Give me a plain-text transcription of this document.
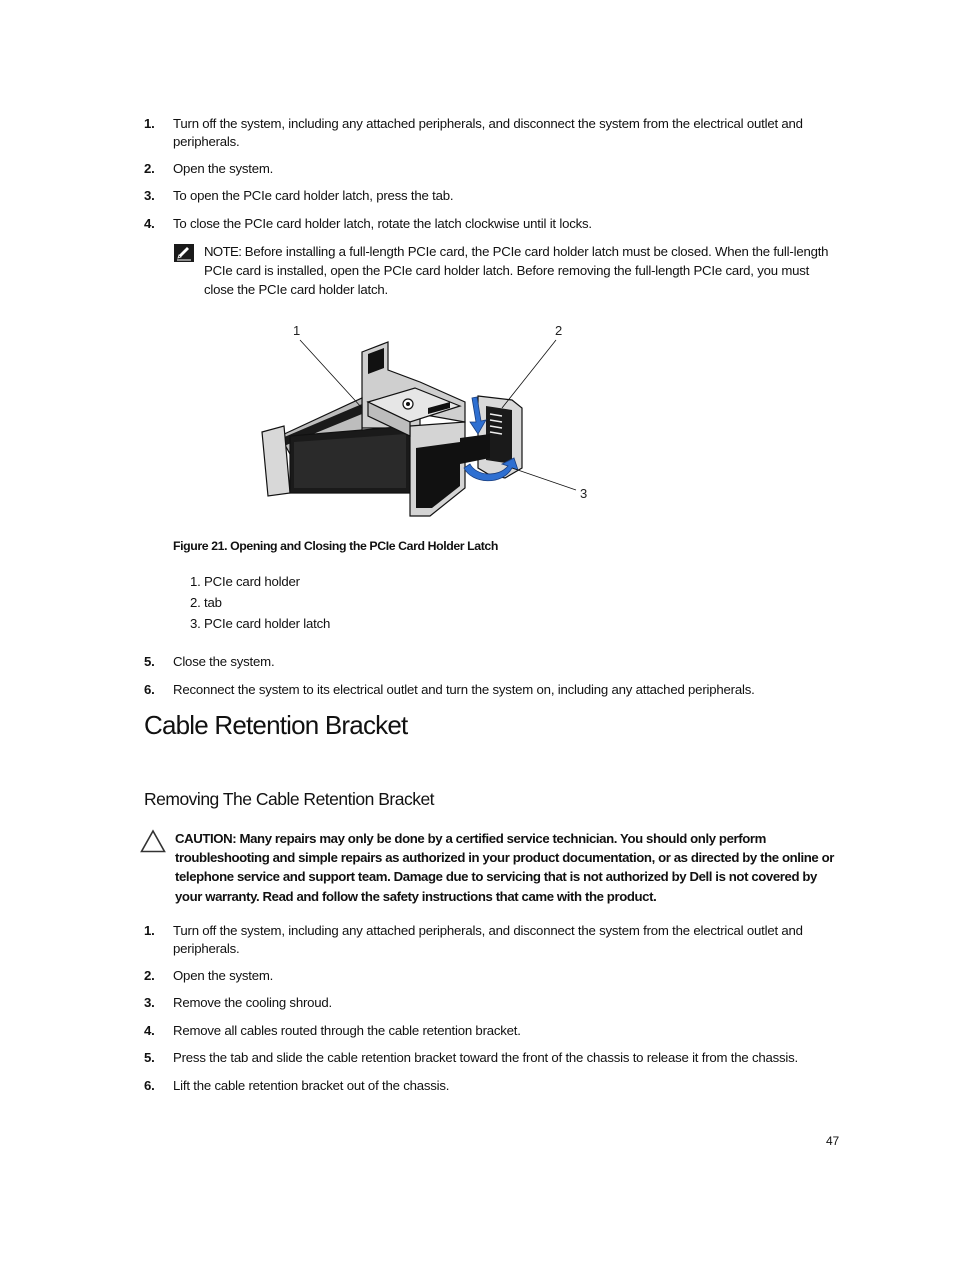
1. Turn off the system, including any attached peripherals, and disconnect the system from the electrical outlet and peripherals.
2. Open the system.
3. To open the PCIe card holder latch, press the tab.
4. To close the PCIe card holder latch, rotate the latch clockwise until it locks.
NOTE: Before installing a full-length PCIe card, the PCIe card holder latch must be closed. When the full-length PCIe card is installed, open the PCIe card holder latch. Before removing the full-length PCIe card, you must close the PCIe card holder latch.
1	2
3
Figure 21. Opening and Closing the PCIe Card Holder Latch
1. PCIe card holder
2. tab
3. PCIe card holder latch
5. Close the system.
6. Reconnect the system to its electrical outlet and turn the system on, including any attached peripherals.
Cable Retention Bracket
Removing The Cable Retention Bracket
CAUTION: Many repairs may only be done by a certified service technician. You should only perform troubleshooting and simple repairs as authorized in your product documentation, or as directed by the online or telephone service and support team. Damage due to servicing that is not authorized by Dell is not covered by your warranty. Read and follow the safety instructions that came with the product.
1. Turn off the system, including any attached peripherals, and disconnect the system from the electrical outlet and peripherals.
2. Open the system.
3. Remove the cooling shroud.
4. Remove all cables routed through the cable retention bracket.
5. Press the tab and slide the cable retention bracket toward the front of the chassis to release it from the chassis.
6. Lift the cable retention bracket out of the chassis.
47
